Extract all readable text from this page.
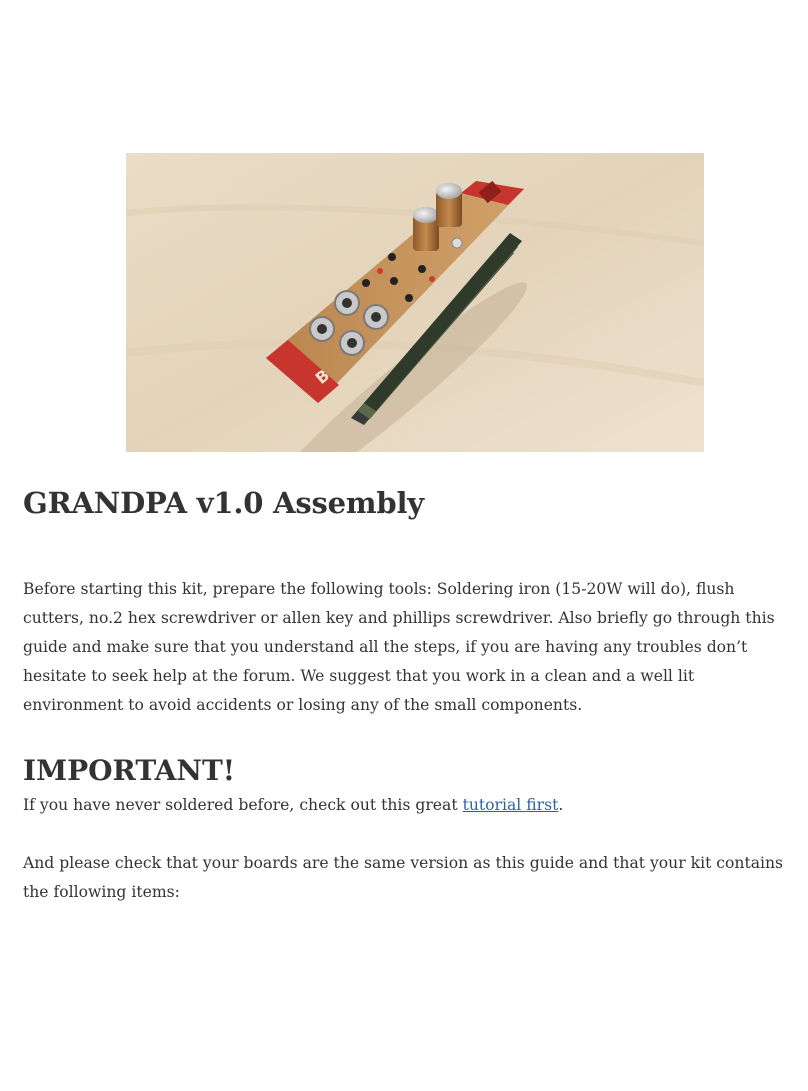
B
GRANDPA v1.0 Assembly

Before starting this kit, prepare the following tools: Soldering iron (15-20W will do), flush cutters, no.2 hex screwdriver or allen key and phillips screwdriver. Also briefly go through this guide and make sure that you understand all the steps, if you are having any troubles don’t hesitate to seek help at the forum. We suggest that you work in a clean and a well lit environment to avoid accidents or losing any of the small components.

IMPORTANT!

If you have never soldered before, check out this great tutorial first.

And please check that your boards are the same version as this guide and that your kit contains the following items:
